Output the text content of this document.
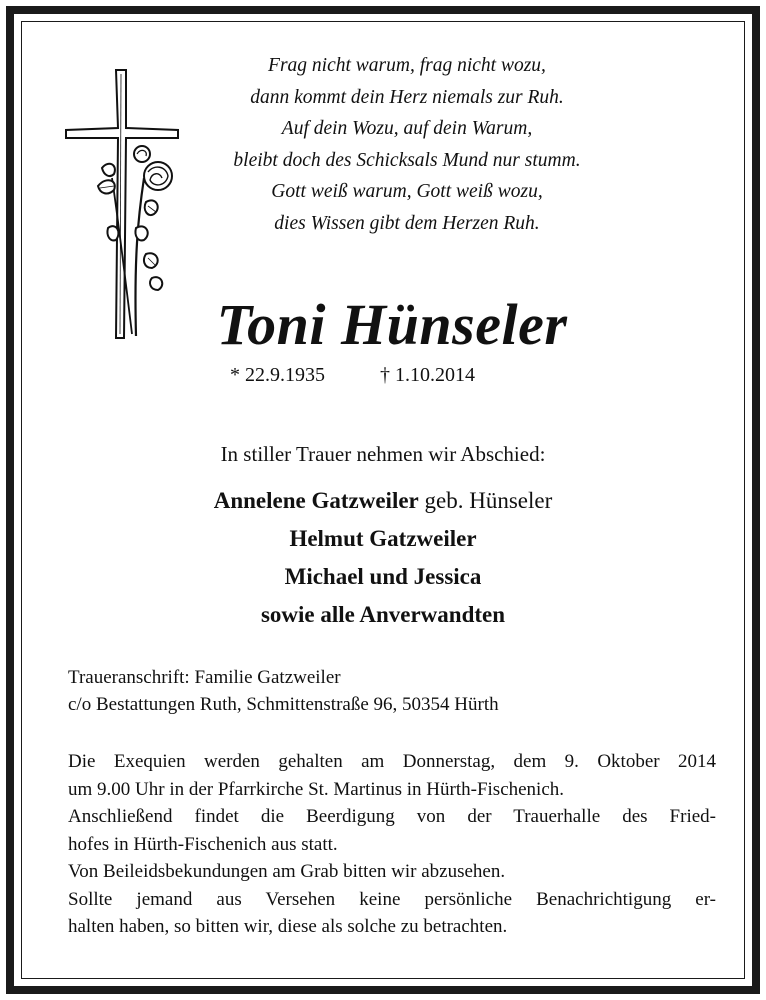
Frag nicht warum, frag nicht wozu,
dann kommt dein Herz niemals zur Ruh.
Auf dein Wozu, auf dein Warum,
bleibt doch des Schicksals Mund nur stumm.
Gott weiß warum, Gott weiß wozu,
dies Wissen gibt dem Herzen Ruh.
Toni Hünseler
* 22.9.1935	† 1.10.2014
In stiller Trauer nehmen wir Abschied:
Annelene Gatzweiler geb. Hünseler
Helmut Gatzweiler
Michael und Jessica
sowie alle Anverwandten
Traueranschrift: Familie Gatzweiler
c/o Bestattungen Ruth, Schmittenstraße 96, 50354 Hürth
Die Exequien werden gehalten am Donnerstag, dem 9. Oktober 2014
um 9.00 Uhr in der Pfarrkirche St. Martinus in Hürth-Fischenich.
Anschließend findet die Beerdigung von der Trauerhalle des Fried-
hofes in Hürth-Fischenich aus statt.
Von Beileidsbekundungen am Grab bitten wir abzusehen.
Sollte jemand aus Versehen keine persönliche Benachrichtigung er-
halten haben, so bitten wir, diese als solche zu betrachten.
